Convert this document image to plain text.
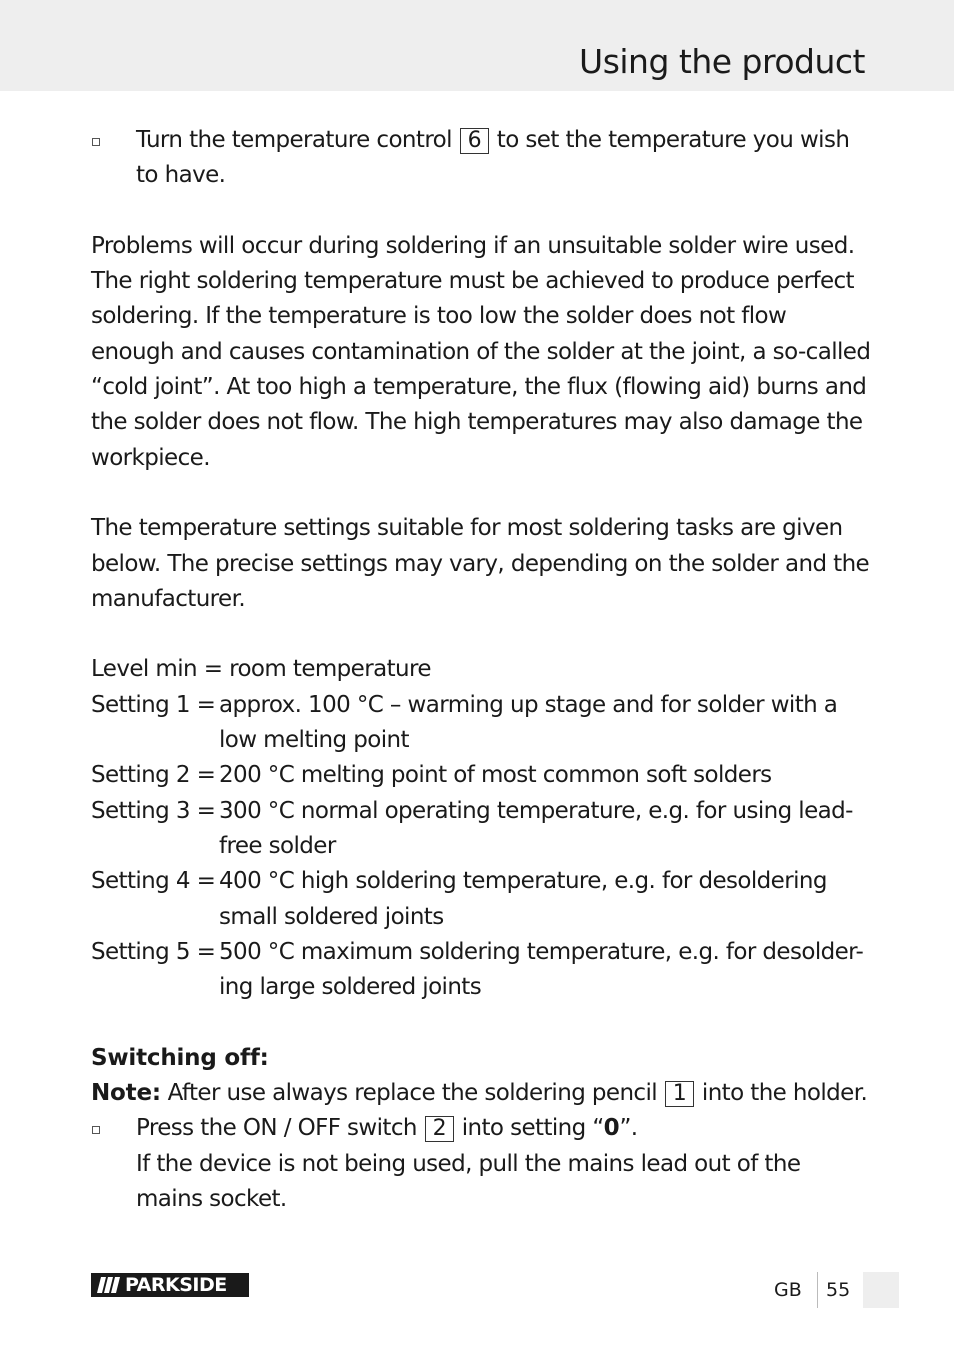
Using the product
Turn the temperature control 6 to set the temperature you wish to have.

Problems will occur during soldering if an unsuitable solder wire used. The right soldering temperature must be achieved to produce perfect soldering. If the temperature is too low the solder does not flow enough and causes contamination of the solder at the joint, a so-called “cold joint”. At too high a temperature, the flux (flowing aid) burns and the solder does not flow. The high temperatures may also damage the workpiece.

The temperature settings suitable for most soldering tasks are given below. The precise settings may vary, depending on the solder and the manufacturer.

Level min = room temperature

Setting 1 = approx. 100 °C – warming up stage and for solder with a low melting point
Setting 2 = 200 °C melting point of most common soft solders
Setting 3 = 300 °C normal operating temperature, e.g. for using lead-free solder
Setting 4 = 400 °C high soldering temperature, e.g. for desoldering small soldered joints
Setting 5 = 500 °C maximum soldering temperature, e.g. for desolder-ing large soldered joints

Switching off:

Note: After use always replace the soldering pencil 1 into the holder.

Press the ON / OFF switch 2 into setting “0”.
If the device is not being used, pull the mains lead out of the mains socket.
PARKSIDE	GB 55
